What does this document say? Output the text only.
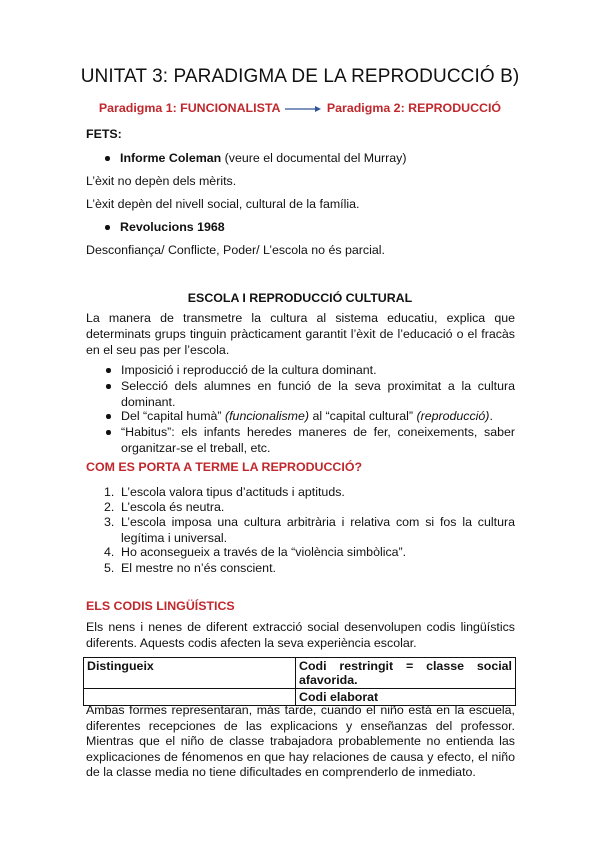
UNITAT 3: PARADIGMA DE LA REPRODUCCIÓ B)
Paradigma 1: FUNCIONALISTA	Paradigma 2: REPRODUCCIÓ
FETS:
Informe Coleman (veure el documental del Murray)
L’èxit no depèn dels mèrits.
L’èxit depèn del nivell social, cultural de la família.
Revolucions 1968
Desconfiança/ Conflicte, Poder/ L’escola no és parcial.
ESCOLA I REPRODUCCIÓ CULTURAL
La manera de transmetre la cultura al sistema educatiu, explica que determinats grups tinguin pràcticament garantit l’èxit de l’educació o el fracàs en el seu pas per l’escola.
Imposició i reproducció de la cultura dominant.
Selecció dels alumnes en funció de la seva proximitat a la cultura dominant.
Del “capital humà” (funcionalisme) al “capital cultural” (reproducció).
“Habitus”: els infants heredes maneres de fer, coneixements, saber organitzar-se el treball, etc.
COM ES PORTA A TERME LA REPRODUCCIÓ?
1. L’escola valora tipus d’actituds i aptituds.
2. L’escola és neutra.
3. L’escola imposa una cultura arbitrària i relativa com si fos la cultura legítima i universal.
4. Ho aconsegueix a través de la “violència simbòlica”.
5. El mestre no n’és conscient.
ELS CODIS LINGÜÍSTICS
Els nens i nenes de diferent extracció social desenvolupen codis lingüístics diferents. Aquests codis afecten la seva experiència escolar.
Distingueix	Codi restringit = classe social afavorida.
	Codi elaborat
Ambas formes representaran, más tarde, cuando el niño está en la escuela, diferentes recepciones de las explicacions y enseñanzas del professor. Mientras que el niño de classe trabajadora probablemente no entienda las explicaciones de fénomenos en que hay relaciones de causa y efecto, el niño de la classe media no tiene dificultades en comprenderlo de inmediato.
